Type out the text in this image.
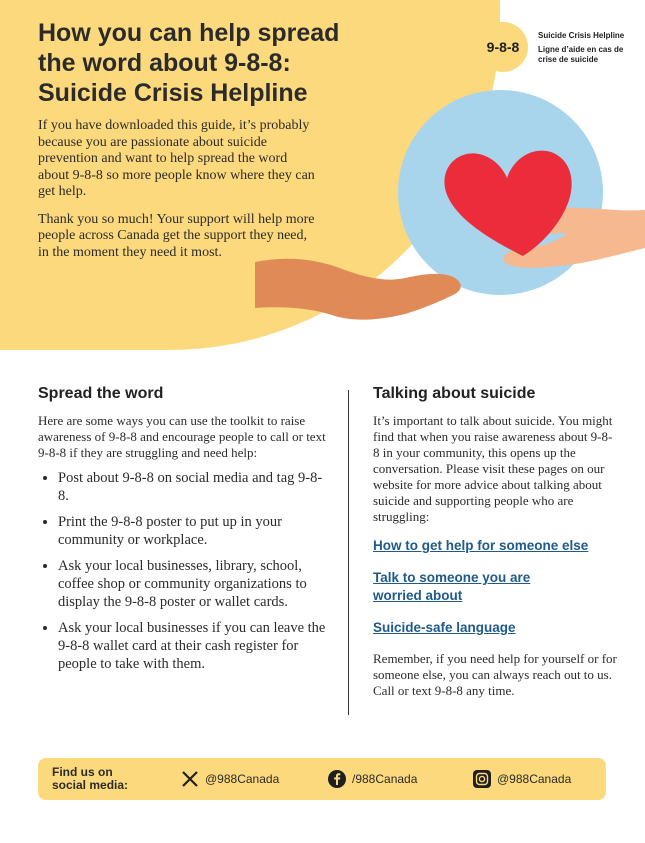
How you can help spread the word about 9-8-8: Suicide Crisis Helpline

If you have downloaded this guide, it’s probably because you are passionate about suicide prevention and want to help spread the word about 9-8-8 so more people know where they can get help.

Thank you so much! Your support will help more people across Canada get the support they need, in the moment they need it most.

9-8-8
Suicide Crisis Helpline
Ligne d’aide en cas de crise de suicide
Spread the word

Here are some ways you can use the toolkit to raise awareness of 9-8-8 and encourage people to call or text 9-8-8 if they are struggling and need help:

• Post about 9-8-8 on social media and tag 9-8-8.
• Print the 9-8-8 poster to put up in your community or workplace.
• Ask your local businesses, library, school, coffee shop or community organizations to display the 9-8-8 poster or wallet cards.
• Ask your local businesses if you can leave the 9-8-8 wallet card at their cash register for people to take with them.
Talking about suicide

It’s important to talk about suicide. You might find that when you raise awareness about 9-8-8 in your community, this opens up the conversation. Please visit these pages on our website for more advice about talking about suicide and supporting people who are struggling:

How to get help for someone else
Talk to someone you are worried about
Suicide-safe language

Remember, if you need help for yourself or for someone else, you can always reach out to us. Call or text 9-8-8 any time.

Find us on social media:	@988Canada	/988Canada	@988Canada
